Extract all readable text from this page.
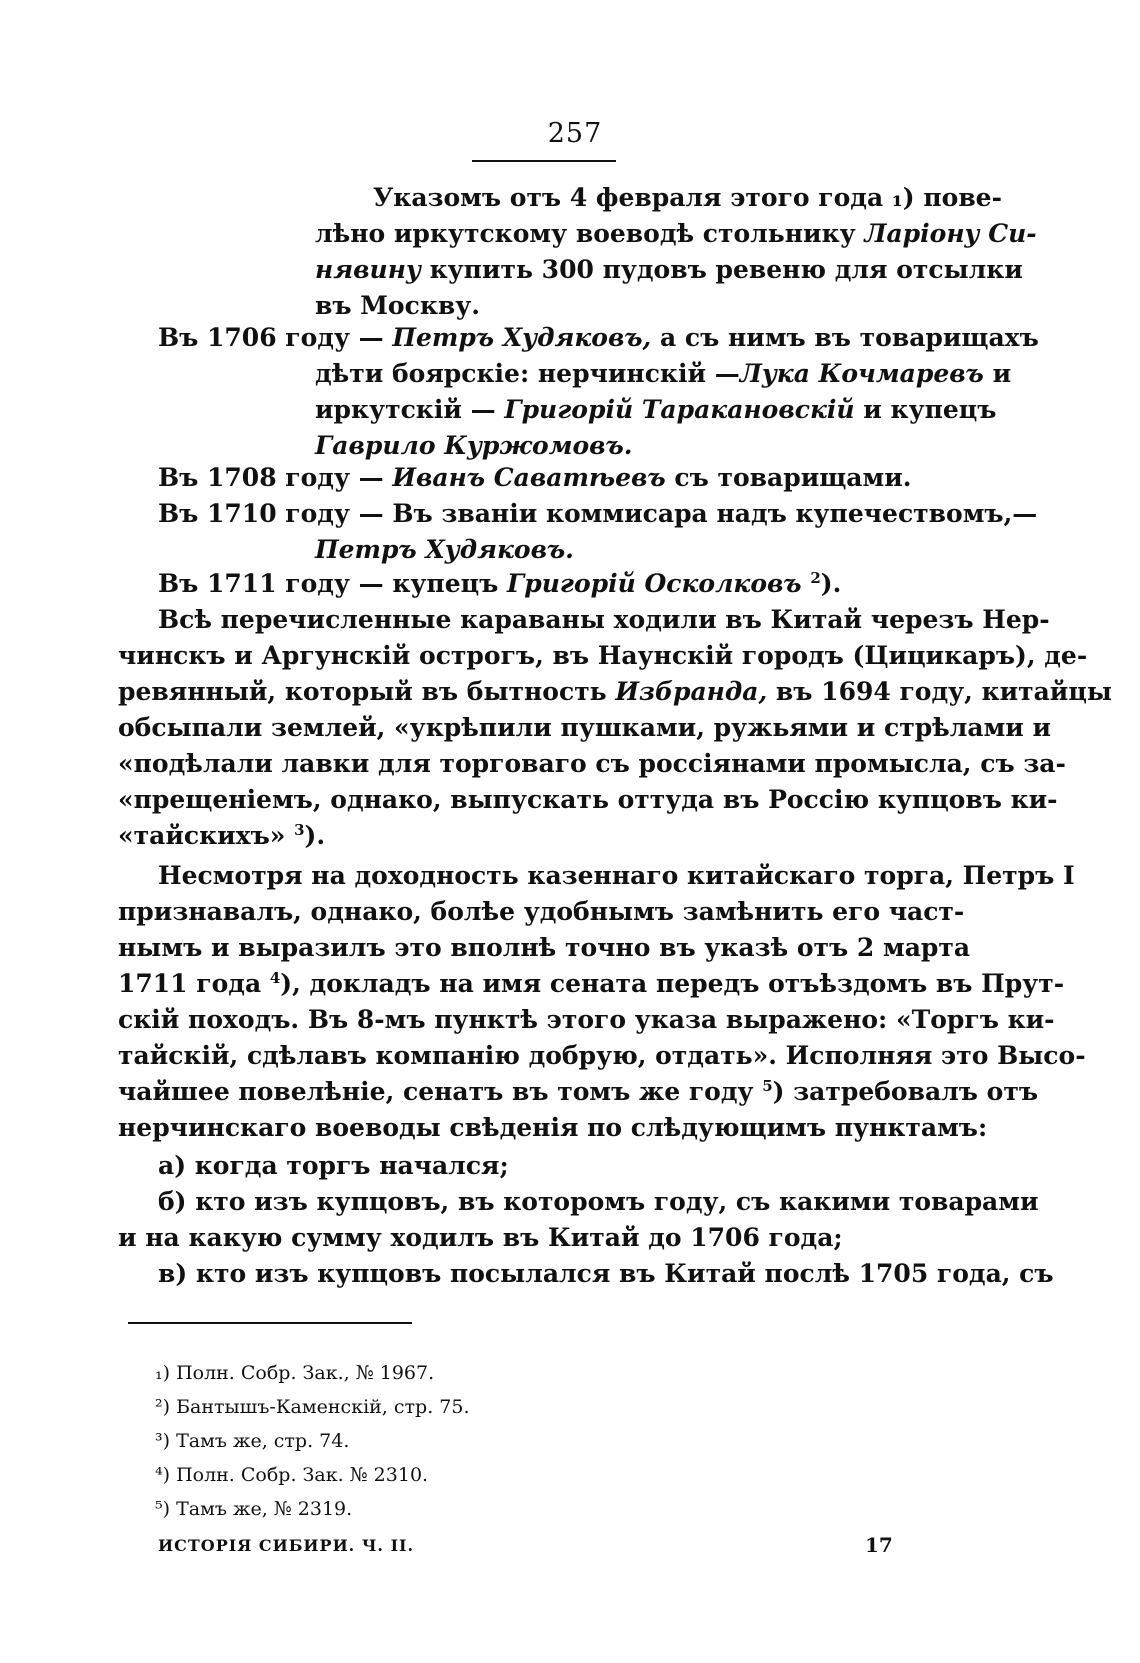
257
Указомъ отъ 4 февраля этого года ₁) пове-
лѣно иркутскому воеводѣ стольнику Ларіону Си-
нявину купить 300 пудовъ ревеню для отсылки
въ Москву.
Въ 1706 году — Петръ Худяковъ, а съ нимъ въ товарищахъ
дѣти боярскіе: нерчинскій —Лука Кочмаревъ и
иркутскій — Григорій Таракановскій и купецъ
Гаврило Куржомовъ.
Въ 1708 году — Иванъ Саватѣевъ съ товарищами.
Въ 1710 году — Въ званіи коммисара надъ купечествомъ,—
Петръ Худяковъ.
Въ 1711 году — купецъ Григорій Осколковъ $^2$).
Всѣ перечисленные караваны ходили въ Китай черезъ Нер-
чинскъ и Аргунскій острогъ, въ Наунскій городъ (Цицикаръ), де-
ревянный, который въ бытность Избранда, въ 1694 году, китайцы
обсыпали землей, «укрѣпили пушками, ружьями и стрѣлами и
«подѣлали лавки для торговаго съ россіянами промысла, съ за-
«прещеніемъ, однако, выпускать оттуда въ Россію купцовъ ки-
«тайскихъ» $^3$).
Несмотря на доходность казеннаго китайскаго торга, Петръ I
признавалъ, однако, болѣе удобнымъ замѣнить его част-
нымъ и выразилъ это вполнѣ точно въ указѣ отъ 2 марта
1711 года $^4$), докладъ на имя сената передъ отъѣздомъ въ Прут-
скій походъ. Въ 8-мъ пунктѣ этого указа выражено: «Торгъ ки-
тайскій, сдѣлавъ компанію добрую, отдать». Исполняя это Высо-
чайшее повелѣніе, сенатъ въ томъ же году $^5$) затребовалъ отъ
нерчинскаго воеводы свѣденія по слѣдующимъ пунктамъ:
а) когда торгъ начался;
б) кто изъ купцовъ, въ которомъ году, съ какими товарами
и на какую сумму ходилъ въ Китай до 1706 года;
в) кто изъ купцовъ посылался въ Китай послѣ 1705 года, съ
₁) Полн. Собр. Зак., № 1967.
²) Бантышъ-Каменскій, стр. 75.
³) Тамъ же, стр. 74.
⁴) Полн. Собр. Зак. № 2310.
⁵) Тамъ же, № 2319.
ИСТОРІЯ СИБИРИ. Ч. II.	17
